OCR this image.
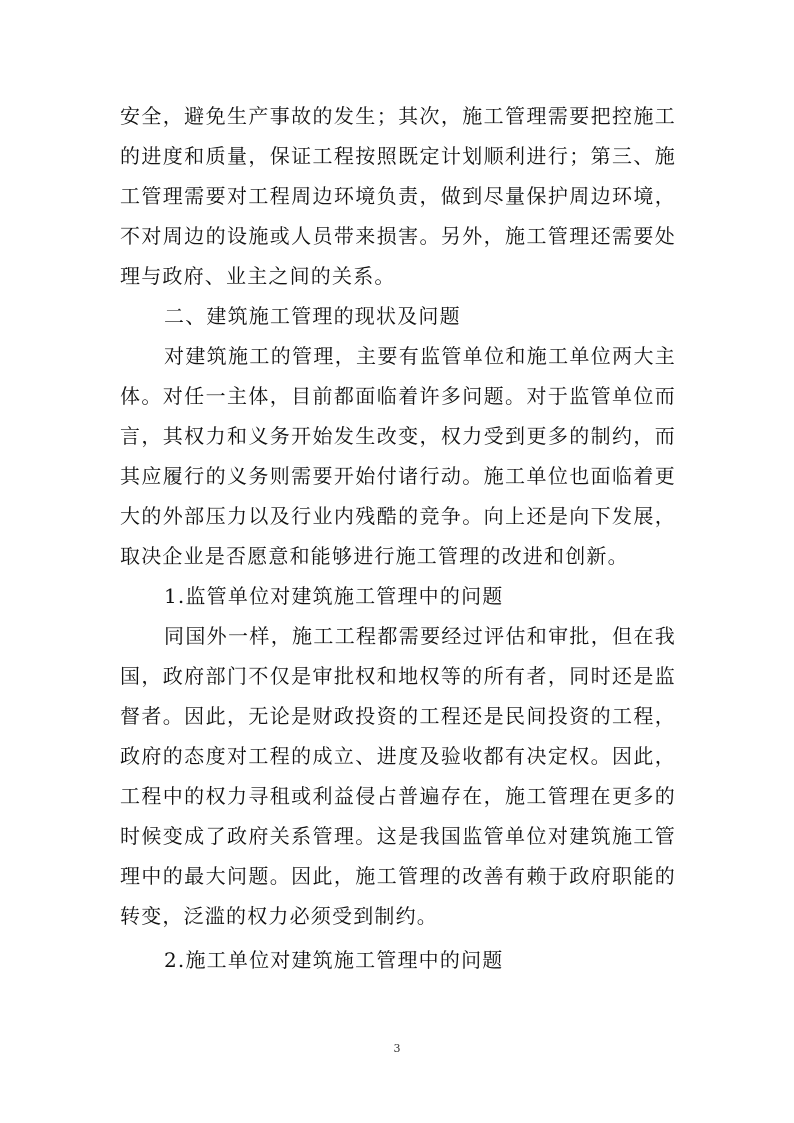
安全，避免生产事故的发生；其次，施工管理需要把控施工
的进度和质量，保证工程按照既定计划顺利进行；第三、施
工管理需要对工程周边环境负责，做到尽量保护周边环境，
不对周边的设施或人员带来损害。另外，施工管理还需要处
理与政府、业主之间的关系。
二、建筑施工管理的现状及问题
对建筑施工的管理，主要有监管单位和施工单位两大主
体。对任一主体，目前都面临着许多问题。对于监管单位而
言，其权力和义务开始发生改变，权力受到更多的制约，而
其应履行的义务则需要开始付诸行动。施工单位也面临着更
大的外部压力以及行业内残酷的竞争。向上还是向下发展，
取决企业是否愿意和能够进行施工管理的改进和创新。
1.监管单位对建筑施工管理中的问题
同国外一样，施工工程都需要经过评估和审批，但在我
国，政府部门不仅是审批权和地权等的所有者，同时还是监
督者。因此，无论是财政投资的工程还是民间投资的工程，
政府的态度对工程的成立、进度及验收都有决定权。因此，
工程中的权力寻租或利益侵占普遍存在，施工管理在更多的
时候变成了政府关系管理。这是我国监管单位对建筑施工管
理中的最大问题。因此，施工管理的改善有赖于政府职能的
转变，泛滥的权力必须受到制约。
2.施工单位对建筑施工管理中的问题
3
